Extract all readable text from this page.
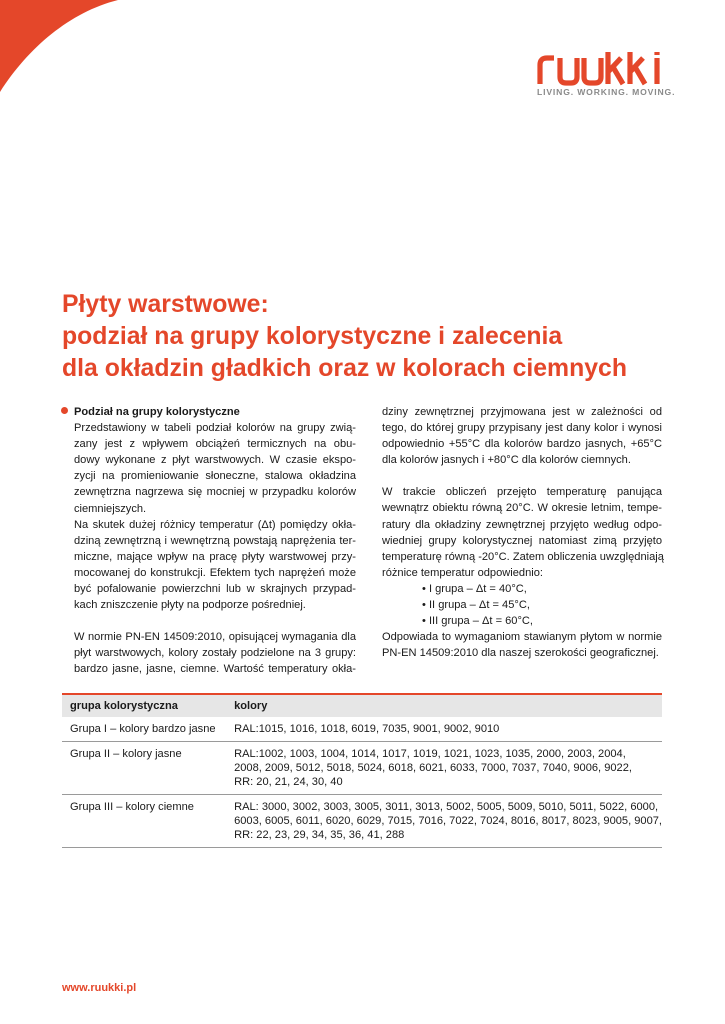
LIVING. WORKING. MOVING.
Płyty warstwowe:
podział na grupy kolorystyczne i zalecenia
dla okładzin gładkich oraz w kolorach ciemnych
Podział na grupy kolorystyczne
Przedstawiony w tabeli podział kolorów na grupy zwią-
zany jest z wpływem obciążeń termicznych na obu-
dowy wykonane z płyt warstwowych. W czasie ekspo-
zycji na promieniowanie słoneczne, stalowa okładzina
zewnętrzna nagrzewa się mocniej w przypadku kolorów
ciemniejszych.
Na skutek dużej różnicy temperatur (Δt) pomiędzy okła-
dziną zewnętrzną i wewnętrzną powstają naprężenia ter-
miczne, mające wpływ na pracę płyty warstwowej przy-
mocowanej do konstrukcji. Efektem tych naprężeń może
być pofalowanie powierzchni lub w skrajnych przypad-
kach zniszczenie płyty na podporze pośredniej.
W normie PN-EN 14509:2010, opisującej wymagania dla
płyt warstwowych, kolory zostały podzielone na 3 grupy:
bardzo jasne, jasne, ciemne. Wartość temperatury okła-
dziny zewnętrznej przyjmowana jest w zależności od
tego, do której grupy przypisany jest dany kolor i wynosi
odpowiednio +55°C dla kolorów bardzo jasnych, +65°C
dla kolorów jasnych i +80°C dla kolorów ciemnych.
W trakcie obliczeń przejęto temperaturę panująca
wewnątrz obiektu równą 20°C. W okresie letnim, tempe-
ratury dla okładziny zewnętrznej przyjęto według odpo-
wiedniej grupy kolorystycznej natomiast zimą przyjęto
temperaturę równą -20°C. Zatem obliczenia uwzględniają
różnice temperatur odpowiednio:
• I grupa – Δt = 40°C,
• II grupa – Δt = 45°C,
• III grupa – Δt = 60°C,
Odpowiada to wymaganiom stawianym płytom w normie
PN-EN 14509:2010 dla naszej szerokości geograficznej.
grupa kolorystyczna	kolory
Grupa I – kolory bardzo jasne	RAL:1015, 1016, 1018, 6019, 7035, 9001, 9002, 9010

Grupa II – kolory jasne	RAL:1002, 1003, 1004, 1014, 1017, 1019, 1021, 1023, 1035, 2000, 2003, 2004,
2008, 2009, 5012, 5018, 5024, 6018, 6021, 6033, 7000, 7037, 7040, 9006, 9022,
RR: 20, 21, 24, 30, 40

Grupa III – kolory ciemne	RAL: 3000, 3002, 3003, 3005, 3011, 3013, 5002, 5005, 5009, 5010, 5011, 5022, 6000,
6003, 6005, 6011, 6020, 6029, 7015, 7016, 7022, 7024, 8016, 8017, 8023, 9005, 9007,
RR: 22, 23, 29, 34, 35, 36, 41, 288
www.ruukki.pl
